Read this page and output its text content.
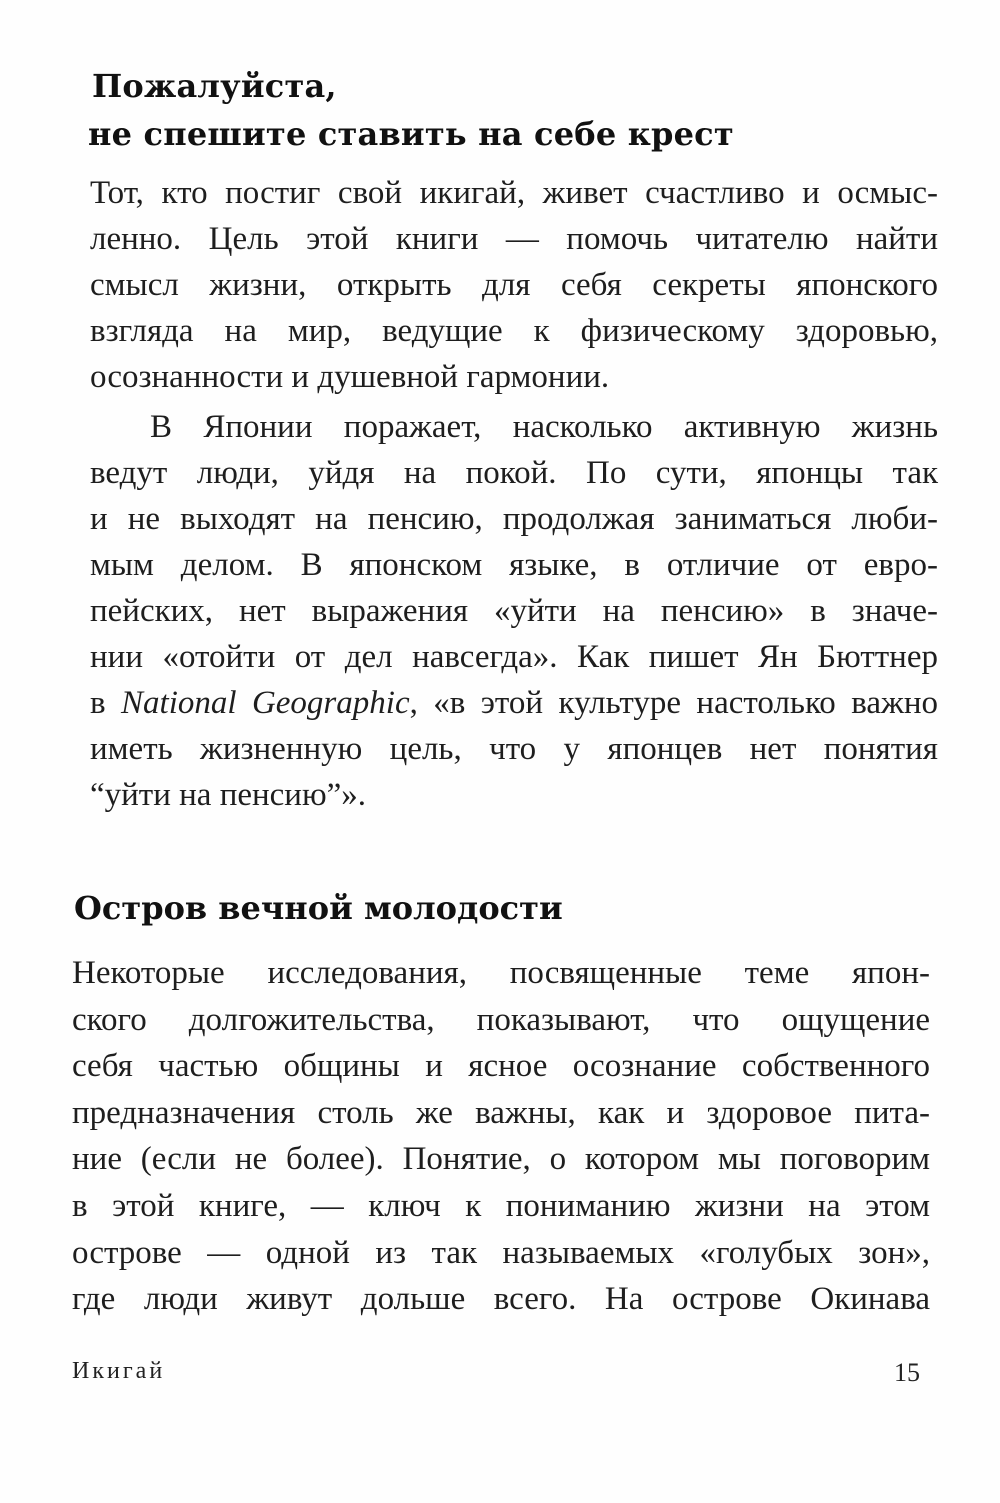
Пожалуйста,
не спешите ставить на себе крест
Тот, кто постиг свой икигай, живет счастливо и осмыс-
ленно. Цель этой книги — помочь читателю найти
смысл жизни, открыть для себя секреты японского
взгляда на мир, ведущие к физическому здоровью,
осознанности и душевной гармонии.
В Японии поражает, насколько активную жизнь
ведут люди, уйдя на покой. По сути, японцы так
и не выходят на пенсию, продолжая заниматься люби-
мым делом. В японском языке, в отличие от евро-
пейских, нет выражения «уйти на пенсию» в значе-
нии «отойти от дел навсегда». Как пишет Ян Бюттнер
в National Geographic, «в этой культуре настолько важно
иметь жизненную цель, что у японцев нет понятия
“уйти на пенсию”».
Остров вечной молодости
Некоторые исследования, посвященные теме япон-
ского долгожительства, показывают, что ощущение
себя частью общины и ясное осознание собственного
предназначения столь же важны, как и здоровое пита-
ние (если не более). Понятие, о котором мы поговорим
в этой книге, — ключ к пониманию жизни на этом
острове — одной из так называемых «голубых зон»,
где люди живут дольше всего. На острове Окинава
Икигай	15
